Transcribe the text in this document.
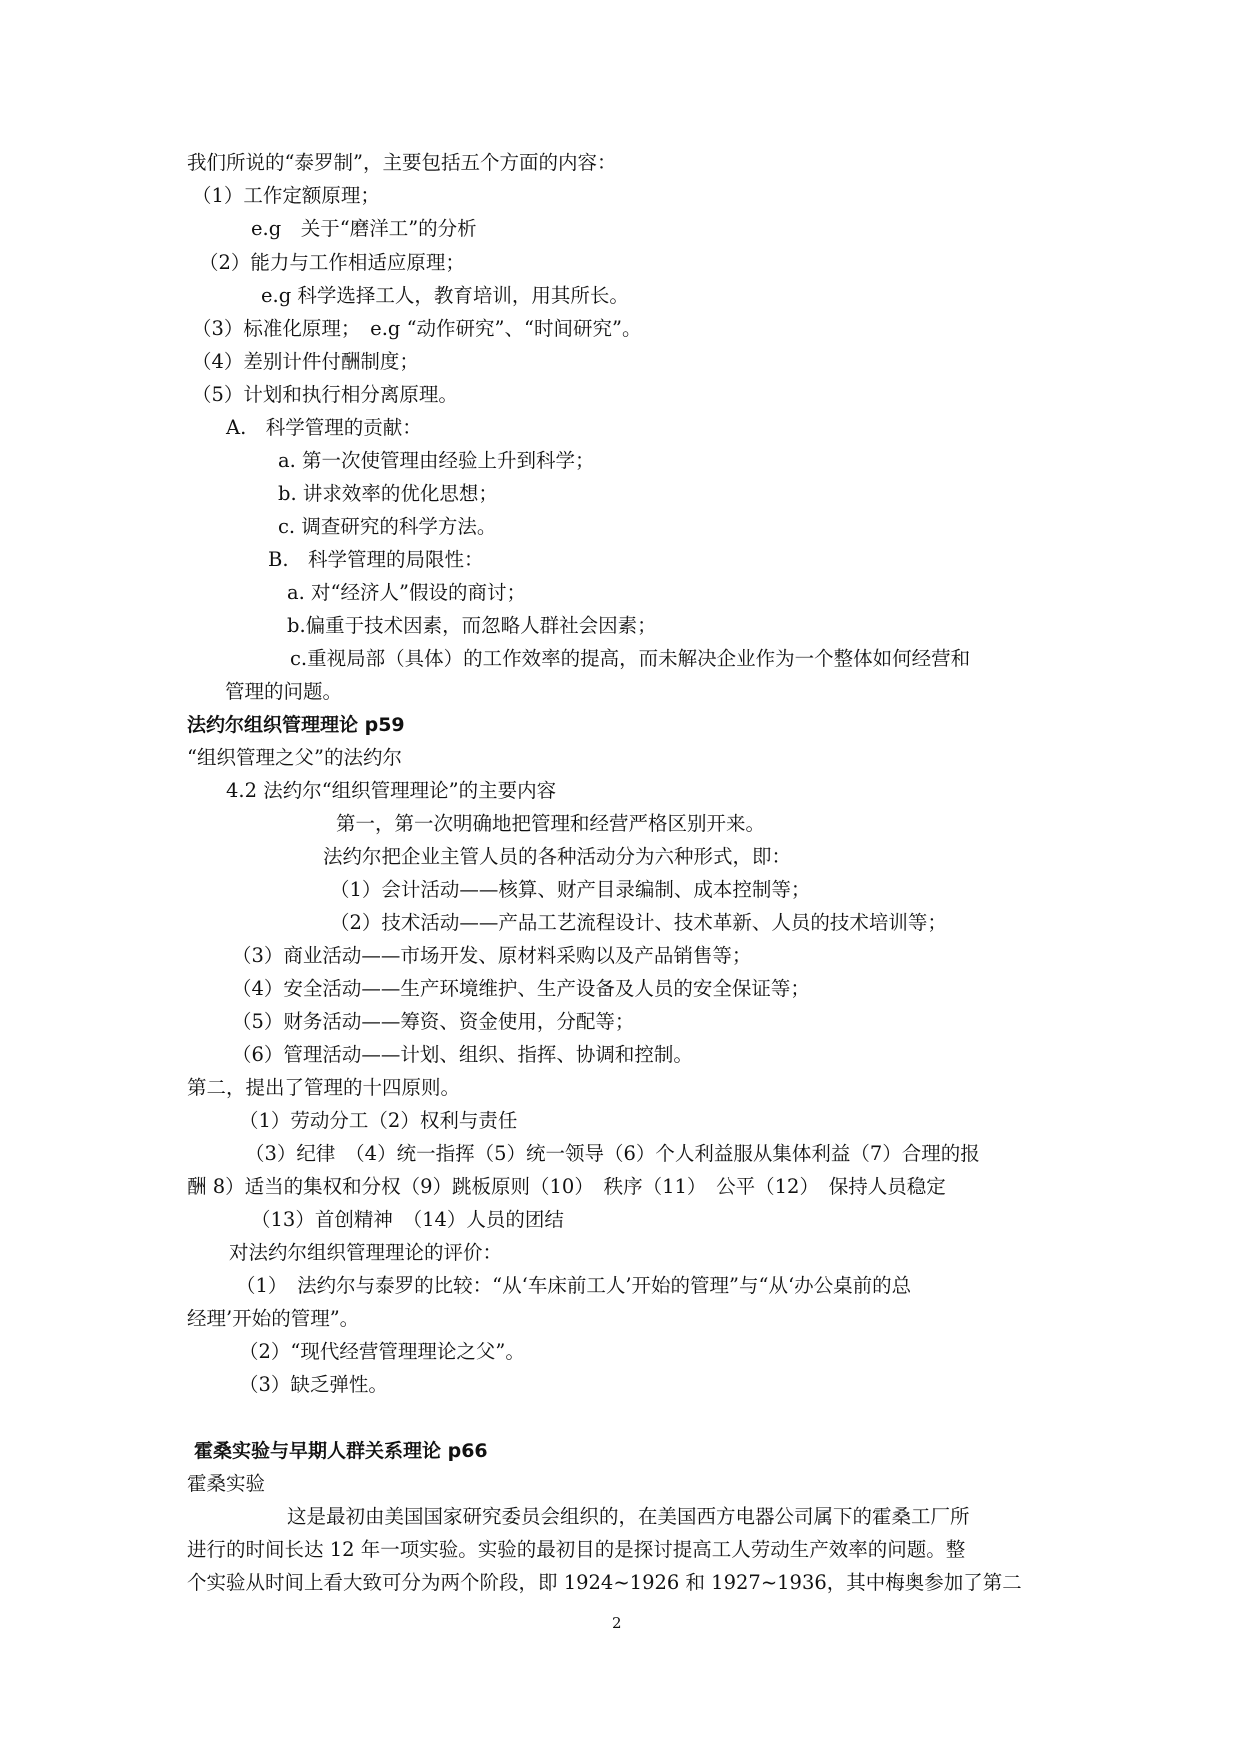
我们所说的“泰罗制”，主要包括五个方面的内容：
（1）工作定额原理；
e.g　关于“磨洋工”的分析
（2）能力与工作相适应原理；
e.g 科学选择工人，教育培训，用其所长。
（3）标准化原理；　e.g “动作研究”、“时间研究”。
（4）差别计件付酬制度；
（5）计划和执行相分离原理。
A.　科学管理的贡献：
a. 第一次使管理由经验上升到科学；
b. 讲求效率的优化思想；
c. 调查研究的科学方法。
B.　科学管理的局限性：
a. 对“经济人”假设的商讨；
b.偏重于技术因素，而忽略人群社会因素；
c.重视局部（具体）的工作效率的提高，而未解决企业作为一个整体如何经营和
管理的问题。
法约尔组织管理理论 p59
“组织管理之父”的法约尔
4.2 法约尔“组织管理理论”的主要内容
第一，第一次明确地把管理和经营严格区别开来。
法约尔把企业主管人员的各种活动分为六种形式，即：
（1）会计活动——核算、财产目录编制、成本控制等；
（2）技术活动——产品工艺流程设计、技术革新、人员的技术培训等；
（3）商业活动——市场开发、原材料采购以及产品销售等；
（4）安全活动——生产环境维护、生产设备及人员的安全保证等；
（5）财务活动——筹资、资金使用，分配等；
（6）管理活动——计划、组织、指挥、协调和控制。
第二，提出了管理的十四原则。
（1）劳动分工（2）权利与责任
（3）纪律　（4）统一指挥（5）统一领导（6）个人利益服从集体利益（7）合理的报
酬 8）适当的集权和分权（9）跳板原则（10）　秩序（11）　公平（12）　保持人员稳定
（13）首创精神　（14）人员的团结
对法约尔组织管理理论的评价：
（1）　法约尔与泰罗的比较：“从‘车床前工人’开始的管理”与“从‘办公桌前的总
经理’开始的管理”。
（2）“现代经营管理理论之父”。
（3）缺乏弹性。
霍桑实验与早期人群关系理论 p66
霍桑实验
这是最初由美国国家研究委员会组织的，在美国西方电器公司属下的霍桑工厂所
进行的时间长达 12 年一项实验。实验的最初目的是探讨提高工人劳动生产效率的问题。整
个实验从时间上看大致可分为两个阶段，即 1924~1926 和 1927~1936，其中梅奥参加了第二
2
